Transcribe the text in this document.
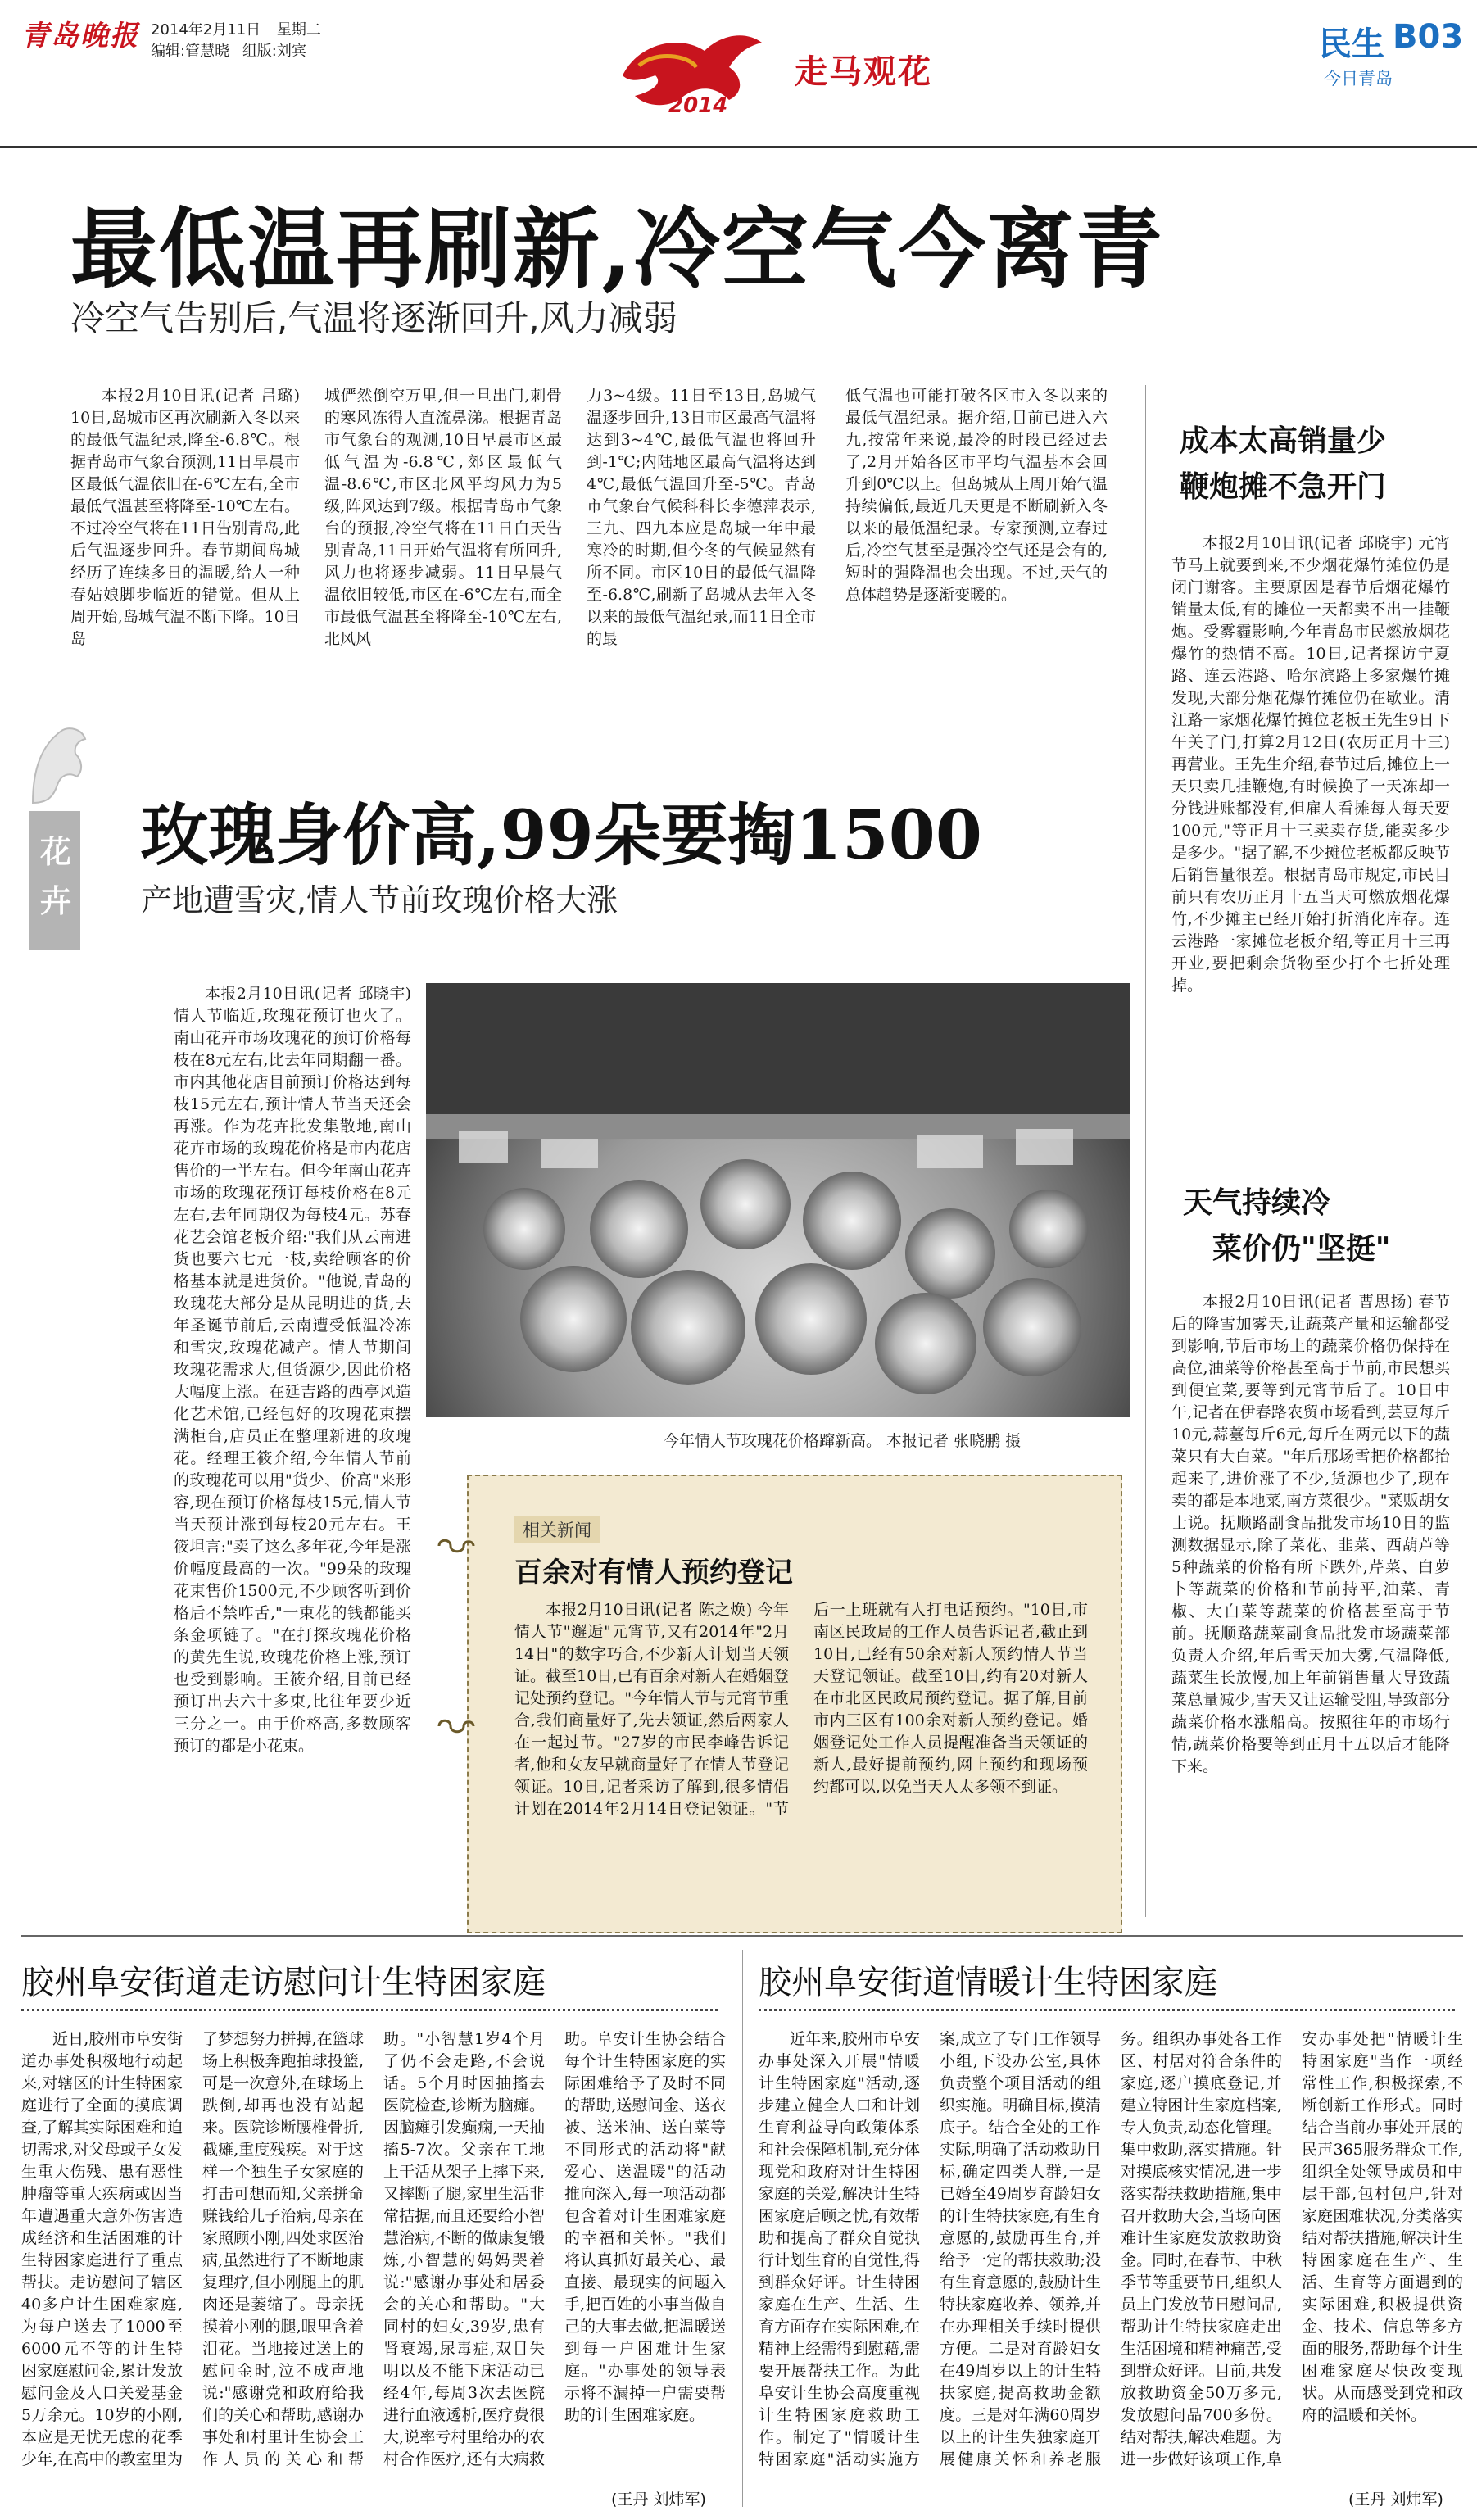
青岛晚报 2014年2月11日 星期二
编辑:管慧晓 组版:刘宾
2014
走马观花
民生 B03
今日青岛
最低温再刷新,冷空气今离青
冷空气告别后,气温将逐渐回升,风力减弱

本报2月10日讯(记者 吕璐) 10日,岛城市区再次刷新入冬以来的最低气温纪录,降至-6.8℃。根据青岛市气象台预测,11日早晨市区最低气温依旧在-6℃左右,全市最低气温甚至将降至-10℃左右。不过冷空气将在11日告别青岛,此后气温逐步回升。春节期间岛城经历了连续多日的温暖,给人一种春姑娘脚步临近的错觉。但从上周开始,岛城气温不断下降。10日岛

城俨然倒空万里,但一旦出门,刺骨的寒风冻得人直流鼻涕。根据青岛市气象台的观测,10日早晨市区最低气温为-6.8℃,郊区最低气温-8.6℃,市区北风平均风力为5级,阵风达到7级。根据青岛市气象台的预报,冷空气将在11日白天告别青岛,11日开始气温将有所回升,风力也将逐步减弱。11日早晨气温依旧较低,市区在-6℃左右,而全市最低气温甚至将降至-10℃左右,北风风

力3~4级。11日至13日,岛城气温逐步回升,13日市区最高气温将达到3~4℃,最低气温也将回升到-1℃;内陆地区最高气温将达到4℃,最低气温回升至-5℃。青岛市气象台气候科科长李德萍表示,三九、四九本应是岛城一年中最寒冷的时期,但今冬的气候显然有所不同。市区10日的最低气温降至-6.8℃,刷新了岛城从去年入冬以来的最低气温纪录,而11日全市的最

低气温也可能打破各区市入冬以来的最低气温纪录。据介绍,目前已进入六九,按常年来说,最冷的时段已经过去了,2月开始各区市平均气温基本会回升到0℃以上。但岛城从上周开始气温持续偏低,最近几天更是不断刷新入冬以来的最低温纪录。专家预测,立春过后,冷空气甚至是强冷空气还是会有的,短时的强降温也会出现。不过,天气的总体趋势是逐渐变暖的。

成本太高销量少
鞭炮摊不急开门

本报2月10日讯(记者 邱晓宇) 元宵节马上就要到来,不少烟花爆竹摊位仍是闭门谢客。主要原因是春节后烟花爆竹销量太低,有的摊位一天都卖不出一挂鞭炮。受雾霾影响,今年青岛市民燃放烟花爆竹的热情不高。10日,记者探访宁夏路、连云港路、哈尔滨路上多家爆竹摊发现,大部分烟花爆竹摊位仍在歇业。清江路一家烟花爆竹摊位老板王先生9日下午关了门,打算2月12日(农历正月十三)再营业。王先生介绍,春节过后,摊位上一天只卖几挂鞭炮,有时候换了一天冻却一分钱进账都没有,但雇人看摊每人每天要100元,"等正月十三卖卖存货,能卖多少是多少。"据了解,不少摊位老板都反映节后销售量很差。根据青岛市规定,市民目前只有农历正月十五当天可燃放烟花爆竹,不少摊主已经开始打折消化库存。连云港路一家摊位老板介绍,等正月十三再开业,要把剩余货物至少打个七折处理掉。

天气持续冷
菜价仍"坚挺"

本报2月10日讯(记者 曹思扬) 春节后的降雪加雾天,让蔬菜产量和运输都受到影响,节后市场上的蔬菜价格仍保持在高位,油菜等价格甚至高于节前,市民想买到便宜菜,要等到元宵节后了。10日中午,记者在伊春路农贸市场看到,芸豆每斤10元,蒜薹每斤6元,每斤在两元以下的蔬菜只有大白菜。"年后那场雪把价格都抬起来了,进价涨了不少,货源也少了,现在卖的都是本地菜,南方菜很少。"菜贩胡女士说。抚顺路副食品批发市场10日的监测数据显示,除了菜花、韭菜、西葫芦等5种蔬菜的价格有所下跌外,芹菜、白萝卜等蔬菜的价格和节前持平,油菜、青椒、大白菜等蔬菜的价格甚至高于节前。抚顺路蔬菜副食品批发市场蔬菜部负责人介绍,年后雪天加大雾,气温降低,蔬菜生长放慢,加上年前销售量大导致蔬菜总量减少,雪天又让运输受阻,导致部分蔬菜价格水涨船高。按照往年的市场行情,蔬菜价格要等到正月十五以后才能降下来。

花卉
玫瑰身价高,99朵要掏1500
产地遭雪灾,情人节前玫瑰价格大涨

本报2月10日讯(记者 邱晓宇) 情人节临近,玫瑰花预订也火了。南山花卉市场玫瑰花的预订价格每枝在8元左右,比去年同期翻一番。市内其他花店目前预订价格达到每枝15元左右,预计情人节当天还会再涨。作为花卉批发集散地,南山花卉市场的玫瑰花价格是市内花店售价的一半左右。但今年南山花卉市场的玫瑰花预订每枝价格在8元左右,去年同期仅为每枝4元。苏春花艺会馆老板介绍:"我们从云南进货也要六七元一枝,卖给顾客的价格基本就是进货价。"他说,青岛的玫瑰花大部分是从昆明进的货,去年圣诞节前后,云南遭受低温冷冻和雪灾,玫瑰花减产。情人节期间玫瑰花需求大,但货源少,因此价格大幅度上涨。在延吉路的西亭风造化艺术馆,已经包好的玫瑰花束摆满柜台,店员正在整理新进的玫瑰花。经理王筱介绍,今年情人节前的玫瑰花可以用"货少、价高"来形容,现在预订价格每枝15元,情人节当天预计涨到每枝20元左右。王筱坦言:"卖了这么多年花,今年是涨价幅度最高的一次。"99朵的玫瑰花束售价1500元,不少顾客听到价格后不禁咋舌,"一束花的钱都能买条金项链了。"在打探玫瑰花价格的黄先生说,玫瑰花价格上涨,预订也受到影响。王筱介绍,目前已经预订出去六十多束,比往年要少近三分之一。由于价格高,多数顾客预订的都是小花束。

今年情人节玫瑰花价格蹿新高。 本报记者 张晓鹏 摄
相关新闻
百余对有情人预约登记

本报2月10日讯(记者 陈之焕) 今年情人节"邂逅"元宵节,又有2014年"2月14日"的数字巧合,不少新人计划当天领证。截至10日,已有百余对新人在婚姻登记处预约登记。"今年情人节与元宵节重合,我们商量好了,先去领证,然后两家人在一起过节。"27岁的市民李峰告诉记者,他和女友早就商量好了在情人节登记领证。10日,记者采访了解到,很多情侣计划在2014年2月14日登记领证。"节后一上班就有人打电话预约。"10日,市南区民政局的工作人员告诉记者,截止到10日,已经有50余对新人预约情人节当天登记领证。截至10日,约有20对新人在市北区民政局预约登记。据了解,目前市内三区有100余对新人预约登记。婚姻登记处工作人员提醒准备当天领证的新人,最好提前预约,网上预约和现场预约都可以,以免当天人太多领不到证。

胶州阜安街道走访慰问计生特困家庭

近日,胶州市阜安街道办事处积极地行动起来,对辖区的计生特困家庭进行了全面的摸底调查,了解其实际困难和迫切需求,对父母或子女发生重大伤残、患有恶性肿瘤等重大疾病或因当年遭遇重大意外伤害造成经济和生活困难的计生特困家庭进行了重点帮扶。走访慰问了辖区40多户计生困难家庭,为每户送去了1000至6000元不等的计生特困家庭慰问金,累计发放慰问金及人口关爱基金5万余元。10岁的小刚,本应是无忧无虑的花季少年,在高中的教室里为了梦想努力拼搏,在篮球场上积极奔跑拍球投篮,可是一次意外,在球场上跌倒,却再也没有站起来。医院诊断腰椎骨折,截瘫,重度残疾。对于这样一个独生子女家庭的打击可想而知,父亲拼命赚钱给儿子治病,母亲在家照顾小刚,四处求医治病,虽然进行了不断地康复理疗,但小刚腿上的肌肉还是萎缩了。母亲抚摸着小刚的腿,眼里含着泪花。当地接过送上的慰问金时,泣不成声地说:"感谢党和政府给我们的关心和帮助,感谢办事处和村里计生协会工作人员的关心和帮助。"小智慧1岁4个月了仍不会走路,不会说话。5个月时因抽搐去医院检查,诊断为脑瘫。因脑瘫引发癫痫,一天抽搐5-7次。父亲在工地上干活从架子上摔下来,又摔断了腿,家里生活非常拮据,而且还要给小智慧治病,不断的做康复锻炼,小智慧的妈妈哭着说:"感谢办事处和居委会的关心和帮助。"大同村的妇女,39岁,患有肾衰竭,尿毒症,双目失明以及不能下床活动已经4年,每周3次去医院进行血液透析,医疗费很大,说率亏村里给办的农村合作医疗,还有大病救助。阜安计生协会结合每个计生特困家庭的实际困难给予了及时不同的帮助,送慰问金、送衣被、送米油、送白菜等不同形式的活动将"献爱心、送温暖"的活动推向深入,每一项活动都包含着对计生困难家庭的幸福和关怀。"我们将认真抓好最关心、最直接、最现实的问题入手,把百姓的小事当做自己的大事去做,把温暖送到每一户困难计生家庭。"办事处的领导表示将不漏掉一户需要帮助的计生困难家庭。

(王丹 刘炜军)
胶州阜安街道情暖计生特困家庭

近年来,胶州市阜安办事处深入开展"情暖计生特困家庭"活动,逐步建立健全人口和计划生育利益导向政策体系和社会保障机制,充分体现党和政府对计生特困家庭的关爱,解决计生特困家庭后顾之忧,有效帮助和提高了群众自觉执行计划生育的自觉性,得到群众好评。计生特困家庭在生产、生活、生育方面存在实际困难,在精神上经需得到慰藉,需要开展帮扶工作。为此阜安计生协会高度重视计生特困家庭救助工作。制定了"情暖计生特困家庭"活动实施方案,成立了专门工作领导小组,下设办公室,具体负责整个项目活动的组织实施。明确目标,摸清底子。结合全处的工作实际,明确了活动救助目标,确定四类人群,一是已婚至49周岁育龄妇女的计生特扶家庭,有生育意愿的,鼓励再生育,并给予一定的帮扶救助;没有生育意愿的,鼓励计生特扶家庭收养、领养,并在办理相关手续时提供方便。二是对育龄妇女在49周岁以上的计生特扶家庭,提高救助金额度。三是对年满60周岁以上的计生失独家庭开展健康关怀和养老服务。组织办事处各工作区、村居对符合条件的家庭,逐户摸底登记,并建立特困计生家庭档案,专人负责,动态化管理。集中救助,落实措施。针对摸底核实情况,进一步落实帮扶救助措施,集中召开救助大会,当场向困难计生家庭发放救助资金。同时,在春节、中秋季节等重要节日,组织人员上门发放节日慰问品,帮助计生特扶家庭走出生活困境和精神痛苦,受到群众好评。目前,共发放救助资金50万多元,发放慰问品700多份。结对帮扶,解决难题。为进一步做好该项工作,阜安办事处把"情暖计生特困家庭"当作一项经常性工作,积极探索,不断创新工作形式。同时结合当前办事处开展的民声365服务群众工作,组织全处领导成员和中层干部,包村包户,针对家庭困难状况,分类落实结对帮扶措施,解决计生特困家庭在生产、生活、生育等方面遇到的实际困难,积极提供资金、技术、信息等多方面的服务,帮助每个计生困难家庭尽快改变现状。从而感受到党和政府的温暖和关怀。

(王丹 刘炜军)
